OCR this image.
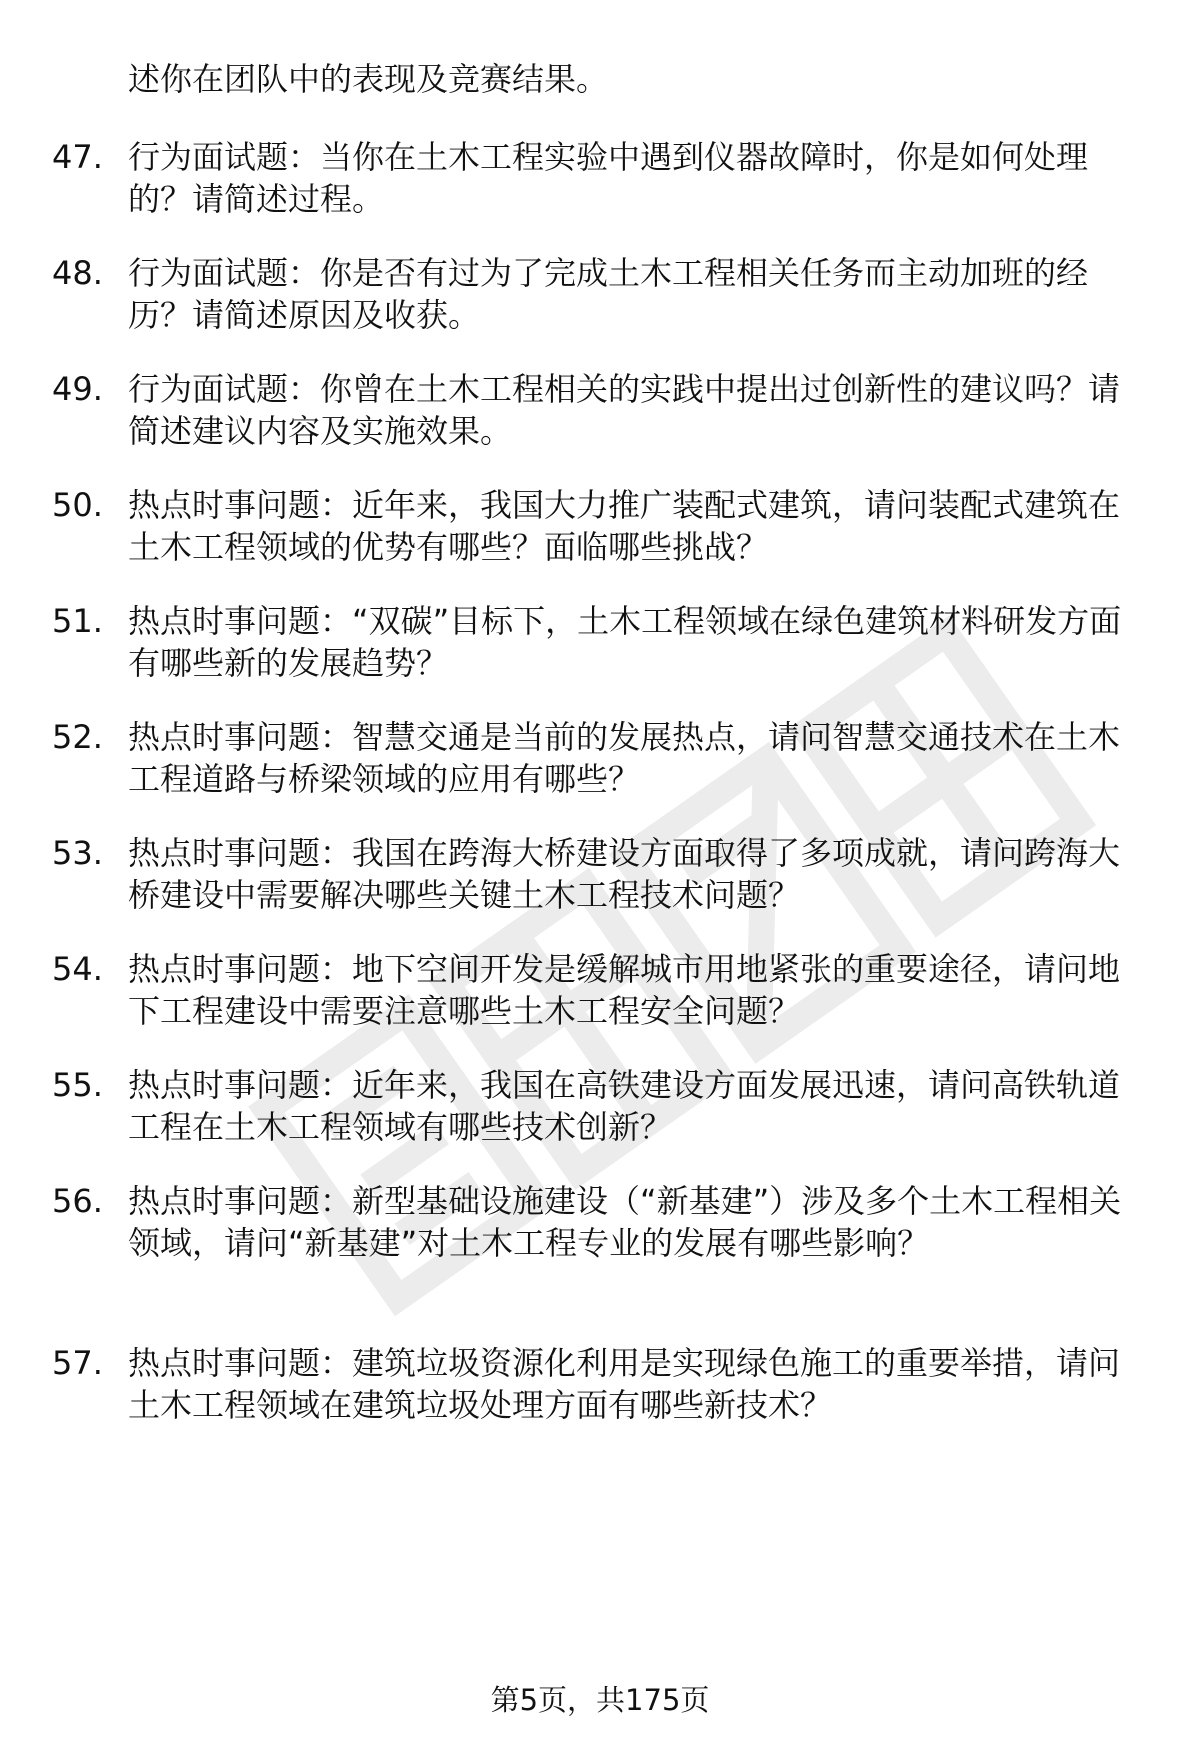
述你在团队中的表现及竞赛结果。
47. 行为面试题：当你在土木工程实验中遇到仪器故障时，你是如何处理的？请简述过程。
48. 行为面试题：你是否有过为了完成土木工程相关任务而主动加班的经历？请简述原因及收获。
49. 行为面试题：你曾在土木工程相关的实践中提出过创新性的建议吗？请简述建议内容及实施效果。
50. 热点时事问题：近年来，我国大力推广装配式建筑，请问装配式建筑在土木工程领域的优势有哪些？面临哪些挑战？
51. 热点时事问题：“双碳”目标下，土木工程领域在绿色建筑材料研发方面有哪些新的发展趋势？
52. 热点时事问题：智慧交通是当前的发展热点，请问智慧交通技术在土木工程道路与桥梁领域的应用有哪些？
53. 热点时事问题：我国在跨海大桥建设方面取得了多项成就，请问跨海大桥建设中需要解决哪些关键土木工程技术问题？
54. 热点时事问题：地下空间开发是缓解城市用地紧张的重要途径，请问地下工程建设中需要注意哪些土木工程安全问题？
55. 热点时事问题：近年来，我国在高铁建设方面发展迅速，请问高铁轨道工程在土木工程领域有哪些技术创新？
56. 热点时事问题：新型基础设施建设（“新基建”）涉及多个土木工程相关领域，请问“新基建”对土木工程专业的发展有哪些影响？
57. 热点时事问题：建筑垃圾资源化利用是实现绿色施工的重要举措，请问土木工程领域在建筑垃圾处理方面有哪些新技术？
第5页，共175页
